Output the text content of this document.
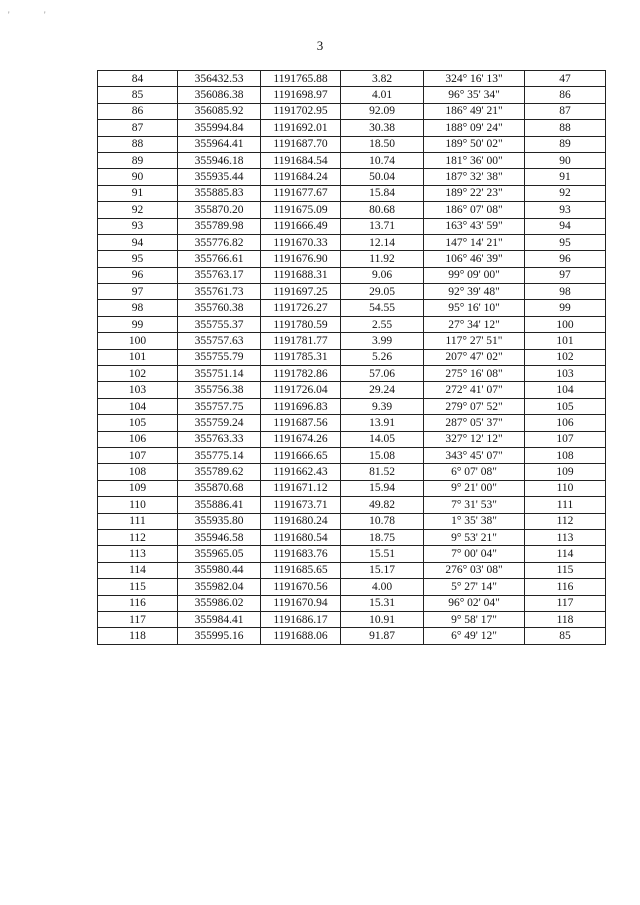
'	'
3
84	356432.53	1191765.88	3.82	324° 16' 13"	47
85	356086.38	1191698.97	4.01	96° 35' 34"	86
86	356085.92	1191702.95	92.09	186° 49' 21"	87
87	355994.84	1191692.01	30.38	188° 09' 24"	88
88	355964.41	1191687.70	18.50	189° 50' 02"	89
89	355946.18	1191684.54	10.74	181° 36' 00"	90
90	355935.44	1191684.24	50.04	187° 32' 38"	91
91	355885.83	1191677.67	15.84	189° 22' 23"	92
92	355870.20	1191675.09	80.68	186° 07' 08"	93
93	355789.98	1191666.49	13.71	163° 43' 59"	94
94	355776.82	1191670.33	12.14	147° 14' 21"	95
95	355766.61	1191676.90	11.92	106° 46' 39"	96
96	355763.17	1191688.31	9.06	99° 09' 00"	97
97	355761.73	1191697.25	29.05	92° 39' 48"	98
98	355760.38	1191726.27	54.55	95° 16' 10"	99
99	355755.37	1191780.59	2.55	27° 34' 12"	100
100	355757.63	1191781.77	3.99	117° 27' 51"	101
101	355755.79	1191785.31	5.26	207° 47' 02"	102
102	355751.14	1191782.86	57.06	275° 16' 08"	103
103	355756.38	1191726.04	29.24	272° 41' 07"	104
104	355757.75	1191696.83	9.39	279° 07' 52"	105
105	355759.24	1191687.56	13.91	287° 05' 37"	106
106	355763.33	1191674.26	14.05	327° 12' 12"	107
107	355775.14	1191666.65	15.08	343° 45' 07"	108
108	355789.62	1191662.43	81.52	6° 07' 08"	109
109	355870.68	1191671.12	15.94	9° 21' 00"	110
110	355886.41	1191673.71	49.82	7° 31' 53"	111
111	355935.80	1191680.24	10.78	1° 35' 38"	112
112	355946.58	1191680.54	18.75	9° 53' 21"	113
113	355965.05	1191683.76	15.51	7° 00' 04"	114
114	355980.44	1191685.65	15.17	276° 03' 08"	115
115	355982.04	1191670.56	4.00	5° 27' 14"	116
116	355986.02	1191670.94	15.31	96° 02' 04"	117
117	355984.41	1191686.17	10.91	9° 58' 17"	118
118	355995.16	1191688.06	91.87	6° 49' 12"	85
